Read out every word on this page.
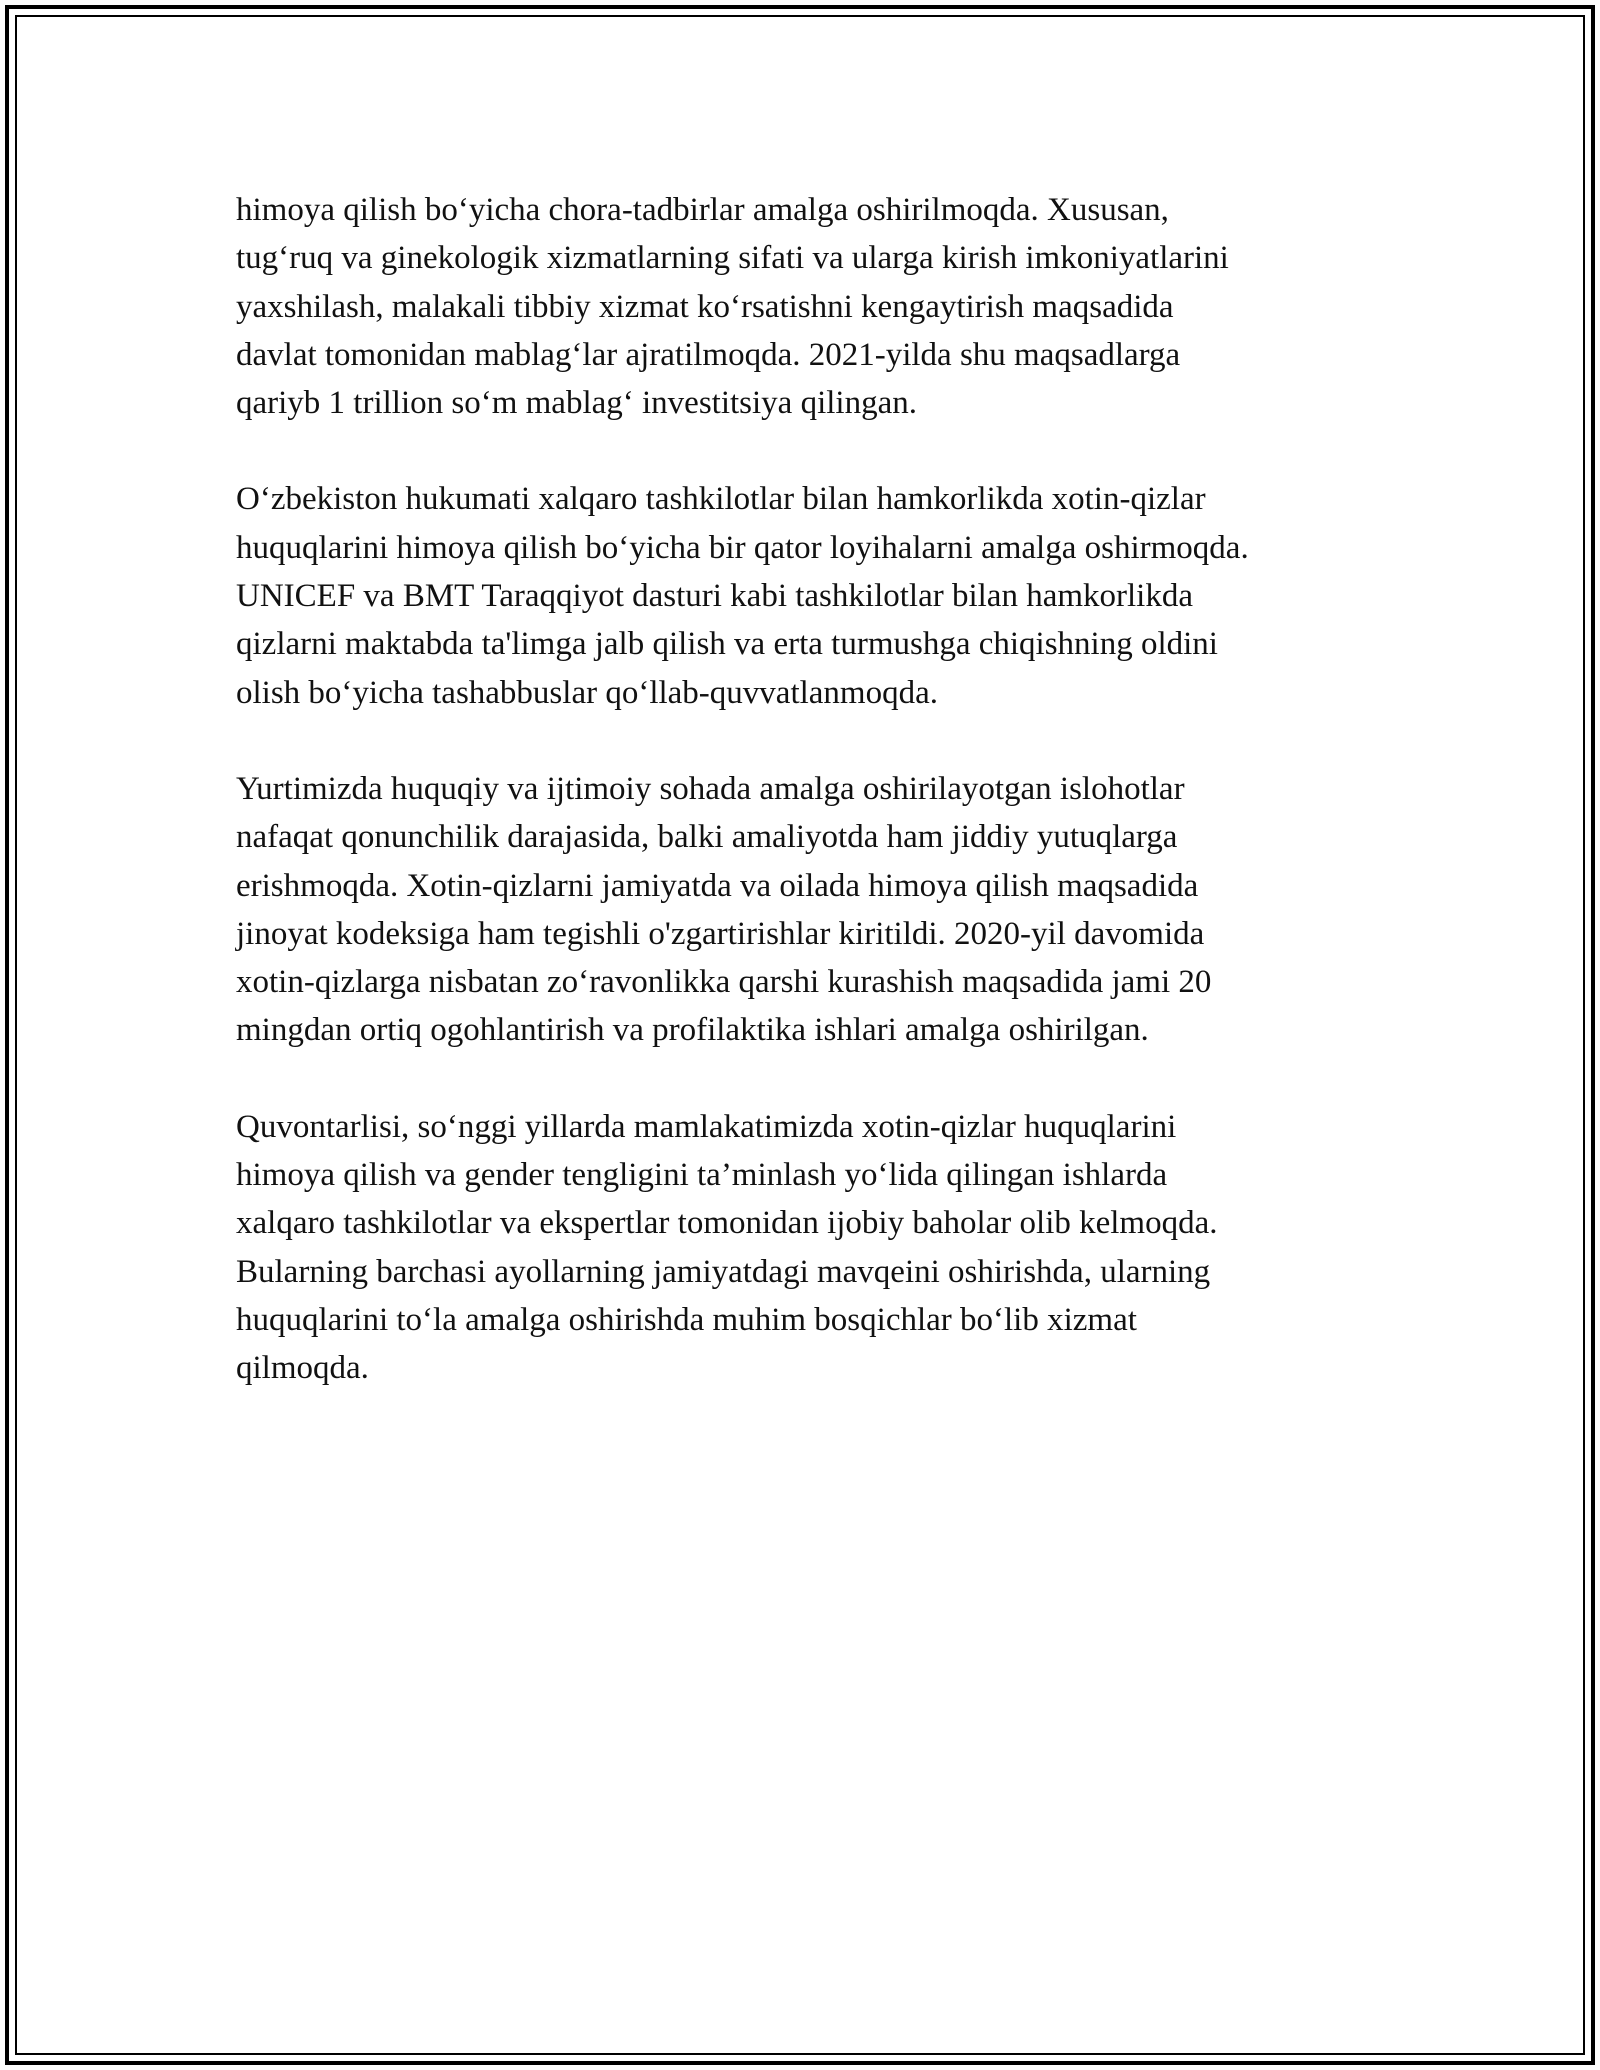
himoya qilish bo‘yicha chora-tadbirlar amalga oshirilmoqda. Xususan,
tug‘ruq va ginekologik xizmatlarning sifati va ularga kirish imkoniyatlarini
yaxshilash, malakali tibbiy xizmat ko‘rsatishni kengaytirish maqsadida
davlat tomonidan mablag‘lar ajratilmoqda. 2021-yilda shu maqsadlarga
qariyb 1 trillion so‘m mablag‘ investitsiya qilingan.

O‘zbekiston hukumati xalqaro tashkilotlar bilan hamkorlikda xotin-qizlar
huquqlarini himoya qilish bo‘yicha bir qator loyihalarni amalga oshirmoqda.
UNICEF va BMT Taraqqiyot dasturi kabi tashkilotlar bilan hamkorlikda
qizlarni maktabda ta'limga jalb qilish va erta turmushga chiqishning oldini
olish bo‘yicha tashabbuslar qo‘llab-quvvatlanmoqda.

Yurtimizda huquqiy va ijtimoiy sohada amalga oshirilayotgan islohotlar
nafaqat qonunchilik darajasida, balki amaliyotda ham jiddiy yutuqlarga
erishmoqda. Xotin-qizlarni jamiyatda va oilada himoya qilish maqsadida
jinoyat kodeksiga ham tegishli o'zgartirishlar kiritildi. 2020-yil davomida
xotin-qizlarga nisbatan zo‘ravonlikka qarshi kurashish maqsadida jami 20
mingdan ortiq ogohlantirish va profilaktika ishlari amalga oshirilgan.

Quvontarlisi, so‘nggi yillarda mamlakatimizda xotin-qizlar huquqlarini
himoya qilish va gender tengligini ta’minlash yo‘lida qilingan ishlarda
xalqaro tashkilotlar va ekspertlar tomonidan ijobiy baholar olib kelmoqda.
Bularning barchasi ayollarning jamiyatdagi mavqeini oshirishda, ularning
huquqlarini to‘la amalga oshirishda muhim bosqichlar bo‘lib xizmat
qilmoqda.
